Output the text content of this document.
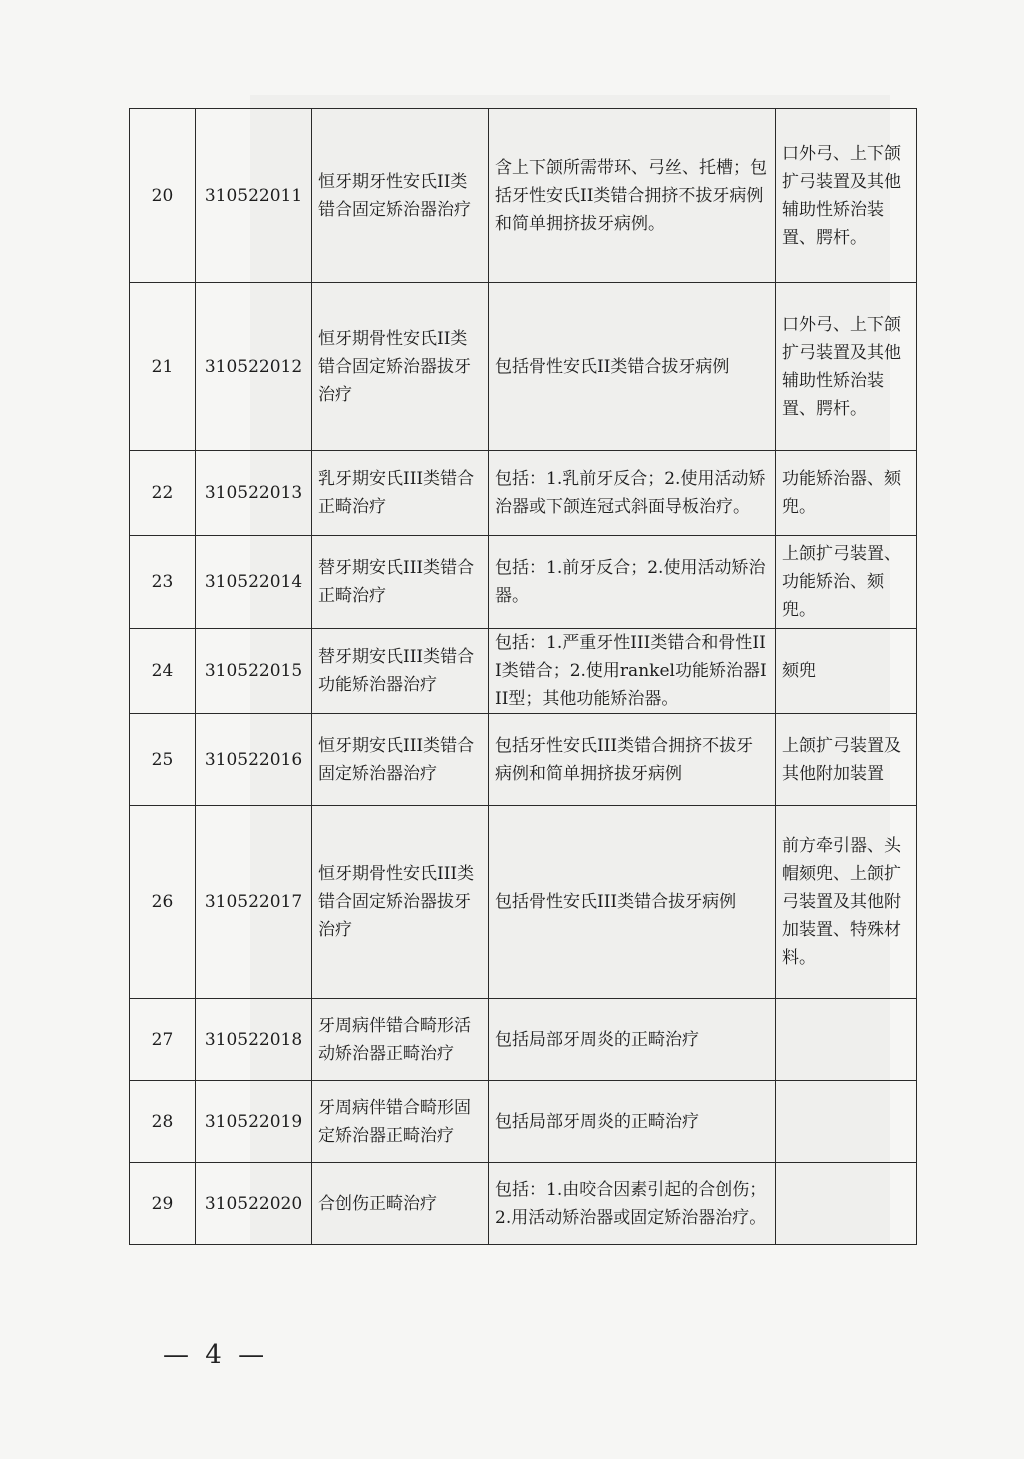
20	310522011	恒牙期牙性安氏II类错合固定矫治器治疗	含上下颌所需带环、弓丝、托槽；包括牙性安氏II类错合拥挤不拔牙病例和简单拥挤拔牙病例。	口外弓、上下颌扩弓装置及其他辅助性矫治装置、腭杆。
21	310522012	恒牙期骨性安氏II类错合固定矫治器拔牙治疗	包括骨性安氏II类错合拔牙病例	口外弓、上下颌扩弓装置及其他辅助性矫治装置、腭杆。
22	310522013	乳牙期安氏III类错合正畸治疗	包括：1.乳前牙反合；2.使用活动矫治器或下颌连冠式斜面导板治疗。	功能矫治器、颏兜。
23	310522014	替牙期安氏III类错合正畸治疗	包括：1.前牙反合；2.使用活动矫治器。	上颌扩弓装置、功能矫治、颏兜。
24	310522015	替牙期安氏III类错合功能矫治器治疗	包括：1.严重牙性III类错合和骨性III类错合；2.使用rankel功能矫治器III型；其他功能矫治器。	颏兜
25	310522016	恒牙期安氏III类错合固定矫治器治疗	包括牙性安氏III类错合拥挤不拔牙病例和简单拥挤拔牙病例	上颌扩弓装置及其他附加装置
26	310522017	恒牙期骨性安氏III类错合固定矫治器拔牙治疗	包括骨性安氏III类错合拔牙病例	前方牵引器、头帽颏兜、上颌扩弓装置及其他附加装置、特殊材料。
27	310522018	牙周病伴错合畸形活动矫治器正畸治疗	包括局部牙周炎的正畸治疗	
28	310522019	牙周病伴错合畸形固定矫治器正畸治疗	包括局部牙周炎的正畸治疗	
29	310522020	合创伤正畸治疗	包括：1.由咬合因素引起的合创伤；2.用活动矫治器或固定矫治器治疗。	
— 4 —
